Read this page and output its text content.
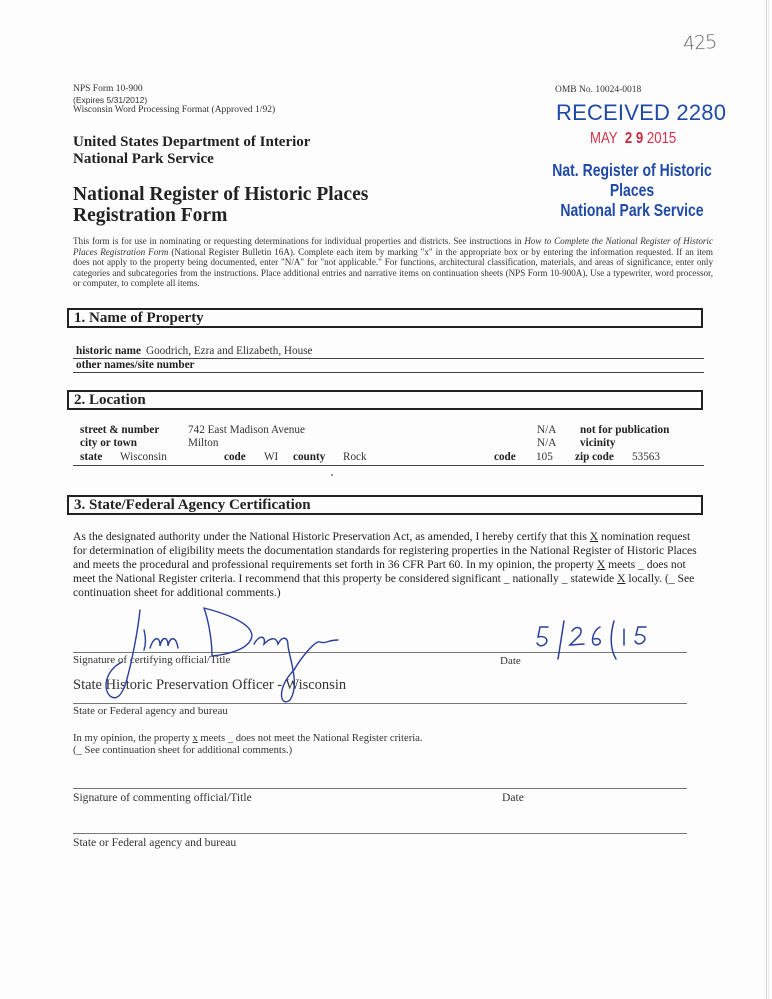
NPS Form 10-900
(Expires 5/31/2012)
Wisconsin Word Processing Format (Approved 1/92)
425
OMB No. 10024-0018
RECEIVED 2280
MAY 2 9 2015
Nat. Register of Historic Places
National Park Service
United States Department of Interior
National Park Service
National Register of Historic Places
Registration Form
This form is for use in nominating or requesting determinations for individual properties and districts. See instructions in How to Complete the National Register of Historic Places Registration Form (National Register Bulletin 16A). Complete each item by marking "x" in the appropriate box or by entering the information requested. If an item does not apply to the property being documented, enter "N/A" for "not applicable." For functions, architectural classification, materials, and areas of significance, enter only categories and subcategories from the instructions. Place additional entries and narrative items on continuation sheets (NPS Form 10-900A). Use a typewriter, word processor, or computer, to complete all items.
1. Name of Property
historic name Goodrich, Ezra and Elizabeth, House
other names/site number
2. Location
street & number	742 East Madison Avenue	N/A not for publication
city or town	Milton	N/A vicinity
state Wisconsin	code WI county Rock	code 105 zip code 53563
3. State/Federal Agency Certification
As the designated authority under the National Historic Preservation Act, as amended, I hereby certify that this X nomination request for determination of eligibility meets the documentation standards for registering properties in the National Register of Historic Places and meets the procedural and professional requirements set forth in 36 CFR Part 60. In my opinion, the property X meets _ does not meet the National Register criteria. I recommend that this property be considered significant _ nationally _ statewide X locally. (_ See continuation sheet for additional comments.)
Signature of certifying official/Title	Date
State Historic Preservation Officer - Wisconsin
State or Federal agency and bureau
In my opinion, the property x meets _ does not meet the National Register criteria.
(_ See continuation sheet for additional comments.)
Signature of commenting official/Title	Date
State or Federal agency and bureau
